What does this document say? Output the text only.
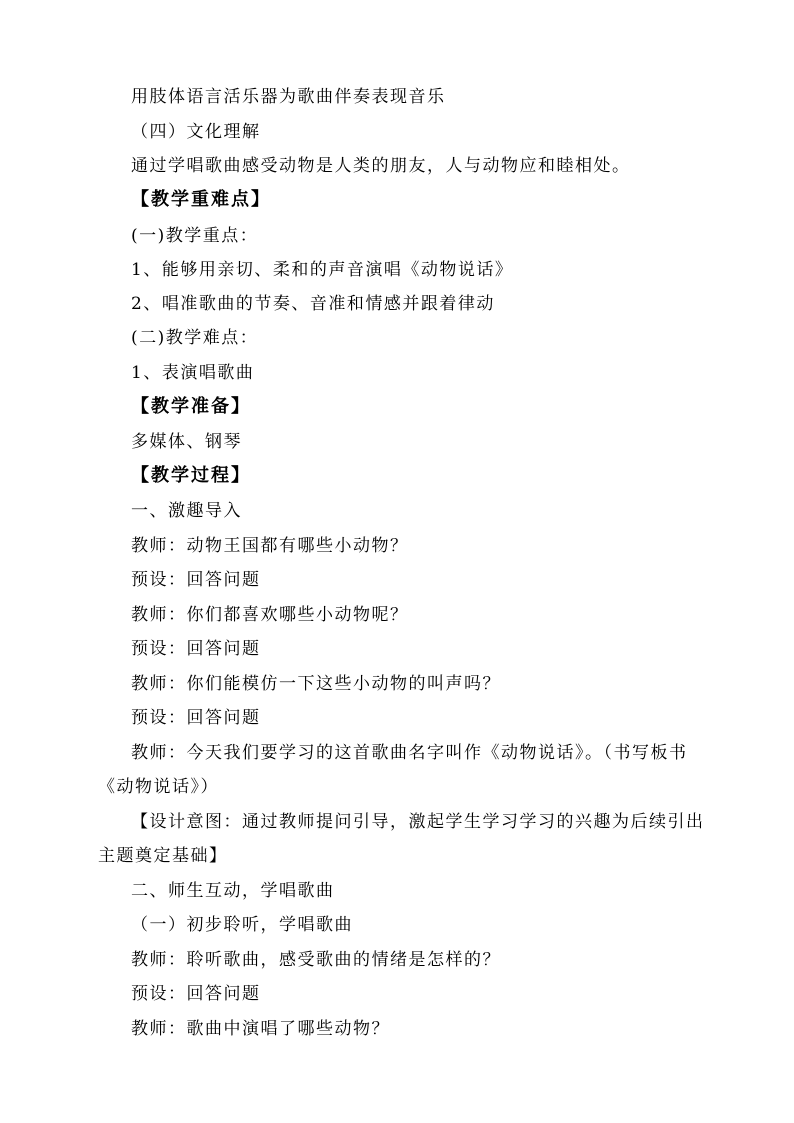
用肢体语言活乐器为歌曲伴奏表现音乐

（四）文化理解

通过学唱歌曲感受动物是人类的朋友，人与动物应和睦相处。

【教学重难点】

(一)教学重点：

1、能够用亲切、柔和的声音演唱《动物说话》

2、唱准歌曲的节奏、音准和情感并跟着律动

(二)教学难点：

1、表演唱歌曲

【教学准备】

多媒体、钢琴

【教学过程】

一、激趣导入

教师：动物王国都有哪些小动物？

预设：回答问题

教师：你们都喜欢哪些小动物呢？

预设：回答问题

教师：你们能模仿一下这些小动物的叫声吗？

预设：回答问题

教师：今天我们要学习的这首歌曲名字叫作《动物说话》。（书写板书

《动物说话》）

【设计意图：通过教师提问引导，激起学生学习学习的兴趣为后续引出

主题奠定基础】

二、师生互动，学唱歌曲

（一）初步聆听，学唱歌曲

教师：聆听歌曲，感受歌曲的情绪是怎样的？

预设：回答问题

教师：歌曲中演唱了哪些动物？
